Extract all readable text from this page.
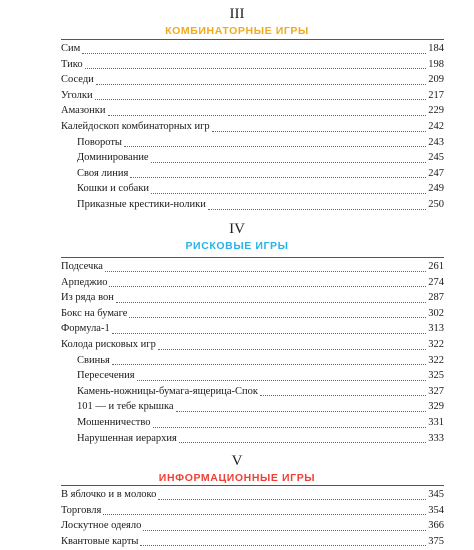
III
КОМБИНАТОРНЫЕ ИГРЫ
Сим	184
Тико	198
Соседи	209
Уголки	217
Амазонки	229
Калейдоскоп комбинаторных игр	242
Повороты	243
Доминирование	245
Своя линия	247
Кошки и собаки	249
Приказные крестики-нолики	250
IV
РИСКОВЫЕ ИГРЫ
Подсечка	261
Арпеджио	274
Из ряда вон	287
Бокс на бумаге	302
Формула-1	313
Колода рисковых игр	322
Свинья	322
Пересечения	325
Камень-ножницы-бумага-ящерица-Спок	327
101 — и тебе крышка	329
Мошенничество	331
Нарушенная иерархия	333
V
ИНФОРМАЦИОННЫЕ ИГРЫ
В яблочко и в молоко	345
Торговля	354
Лоскутное одеяло	366
Квантовые карты	375
